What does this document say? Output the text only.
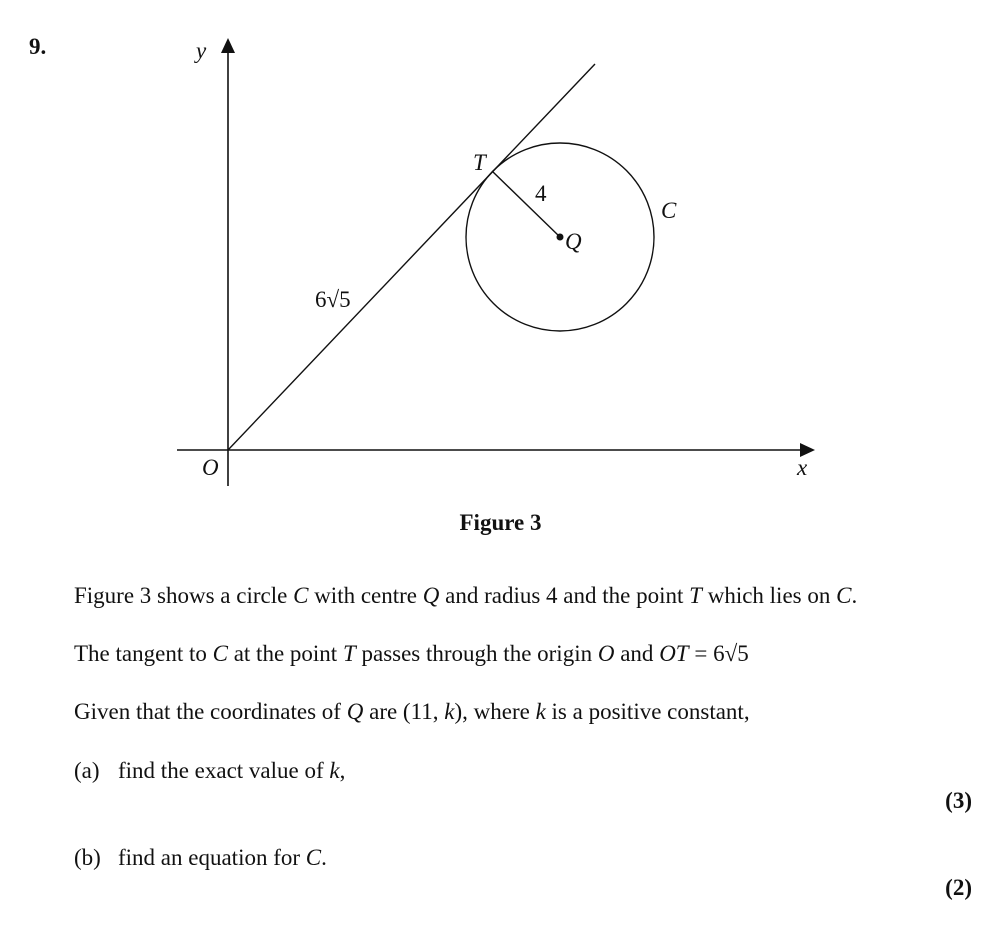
9.	y
x
O
T
Q
C
4
6√5
Figure 3
Figure 3 shows a circle C with centre Q and radius 4 and the point T which lies on C.
The tangent to C at the point T passes through the origin O and OT = 6√5
Given that the coordinates of Q are (11, k), where k is a positive constant,
(a) find the exact value of k,
(3)
(b) find an equation for C.
(2)
